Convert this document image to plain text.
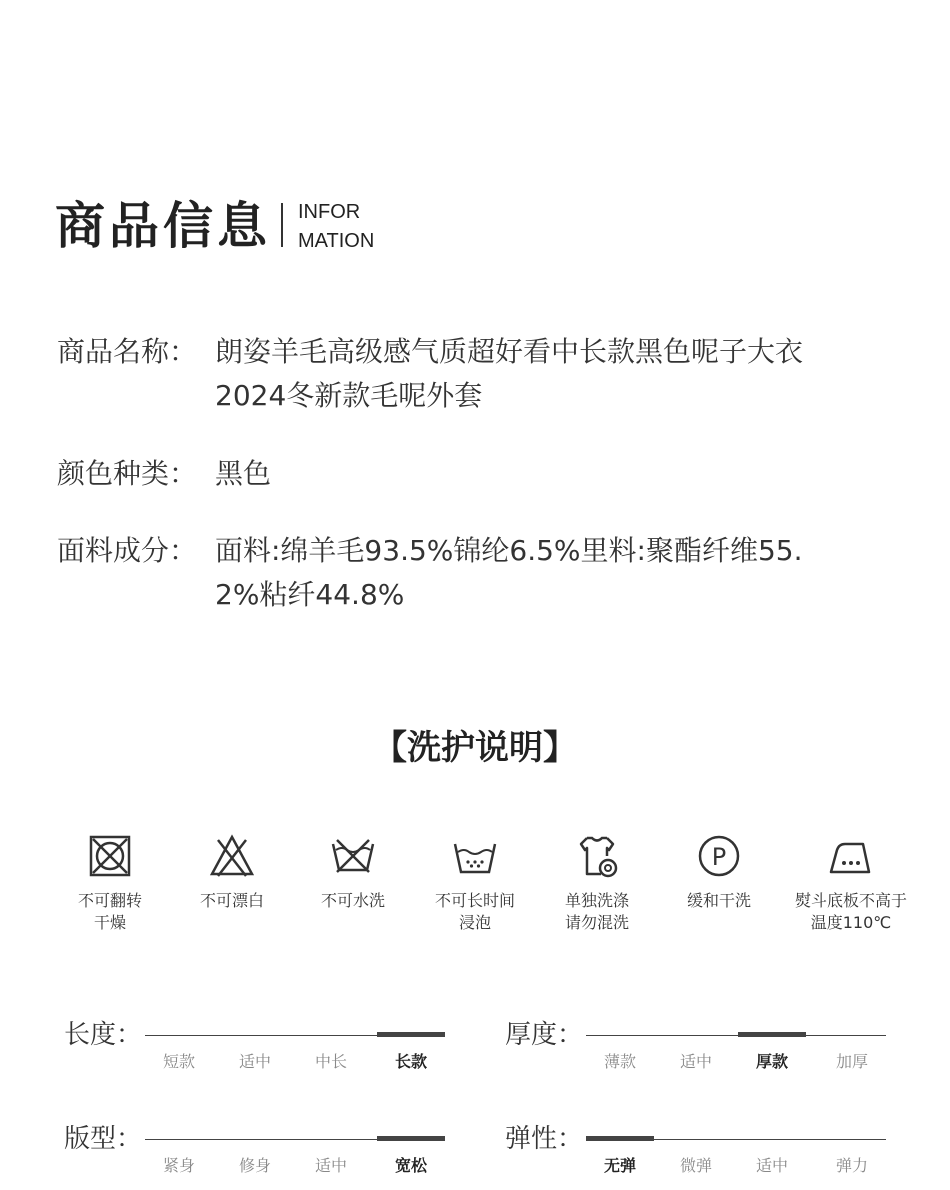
商品信息 INFOR
MATION
商品名称： 朗姿羊毛高级感气质超好看中长款黑色呢子大衣
2024冬新款毛呢外套
颜色种类： 黑色
面料成分： 面料:绵羊毛93.5%锦纶6.5%里料:聚酯纤维55.
2%粘纤44.8%
【洗护说明】
不可翻转
干燥
不可漂白	不可水洗	不可长时间
浸泡
单独洗涤
请勿混洗
P
缓和干洗	熨斗底板不高于
温度110℃
长度：
短款	适中	中长	长款
厚度：
薄款	适中	厚款	加厚
版型：
紧身	修身	适中	宽松
弹性：
无弹	微弹	适中	弹力
